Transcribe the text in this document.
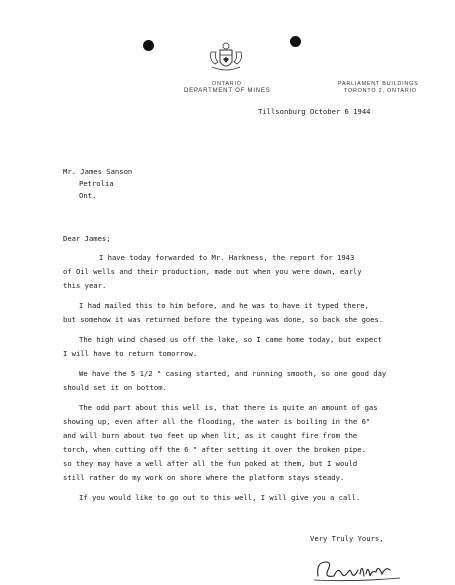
ONTARIO
DEPARTMENT OF MINES
PARLIAMENT BUILDINGS
TORONTO 2, ONTARIO
Tillsonburg October 6 1944
Mr. James Sanson
Petrolia
Ont.
Dear James;
I have today forwarded to Mr. Harkness, the report for 1943
of Oil wells and their production, made out when you were down, early
this year.
I had mailed this to him before, and he was to have it typed there,
but somehow it was returned before the typeing was done, so back she goes.
The high wind chased us off the lake, so I came home today, but expect
I will have to return tomorrow.
We have the 5 1/2 " casing started, and running smooth, so one good day
should set it on bottom.
The odd part about this well is, that there is quite an amount of gas
showing up, even after all the flooding, the water is boiling in the 6"
and will burn about two feet up when lit, as it caught fire from the
torch, when cutting off the 6 " after setting it over the broken pipe.
so they may have a well after all the fun poked at them, but I would
still rather do my work on shore where the platform stays steady.
If you would like to go out to this well, I will give you a call.
Very Truly Yours,
